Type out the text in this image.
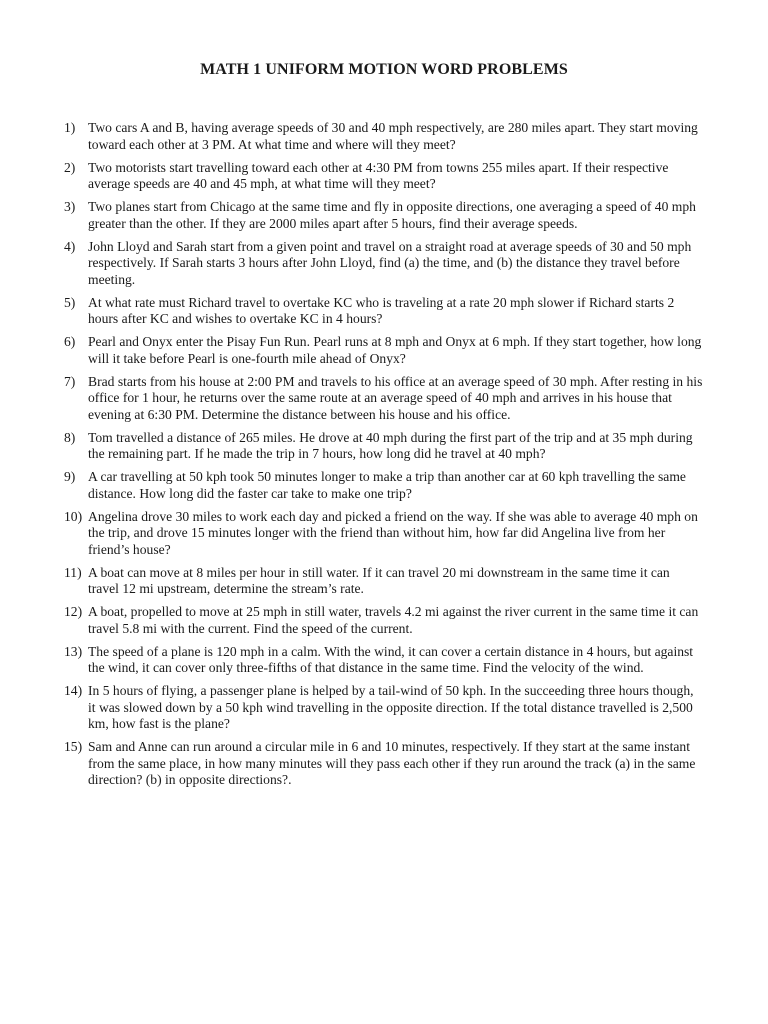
MATH 1 UNIFORM MOTION WORD PROBLEMS
1) Two cars A and B, having average speeds of 30 and 40 mph respectively, are 280 miles apart. They start moving toward each other at 3 PM. At what time and where will they meet?
2) Two motorists start travelling toward each other at 4:30 PM from towns 255 miles apart. If their respective average speeds are 40 and 45 mph, at what time will they meet?
3) Two planes start from Chicago at the same time and fly in opposite directions, one averaging a speed of 40 mph greater than the other. If they are 2000 miles apart after 5 hours, find their average speeds.
4) John Lloyd and Sarah start from a given point and travel on a straight road at average speeds of 30 and 50 mph respectively. If Sarah starts 3 hours after John Lloyd, find (a) the time, and (b) the distance they travel before meeting.
5) At what rate must Richard travel to overtake KC who is traveling at a rate 20 mph slower if Richard starts 2 hours after KC and wishes to overtake KC in 4 hours?
6) Pearl and Onyx enter the Pisay Fun Run. Pearl runs at 8 mph and Onyx at 6 mph. If they start together, how long will it take before Pearl is one-fourth mile ahead of Onyx?
7) Brad starts from his house at 2:00 PM and travels to his office at an average speed of 30 mph. After resting in his office for 1 hour, he returns over the same route at an average speed of 40 mph and arrives in his house that evening at 6:30 PM. Determine the distance between his house and his office.
8) Tom travelled a distance of 265 miles. He drove at 40 mph during the first part of the trip and at 35 mph during the remaining part. If he made the trip in 7 hours, how long did he travel at 40 mph?
9) A car travelling at 50 kph took 50 minutes longer to make a trip than another car at 60 kph travelling the same distance. How long did the faster car take to make one trip?
10) Angelina drove 30 miles to work each day and picked a friend on the way. If she was able to average 40 mph on the trip, and drove 15 minutes longer with the friend than without him, how far did Angelina live from her friend’s house?
11) A boat can move at 8 miles per hour in still water. If it can travel 20 mi downstream in the same time it can travel 12 mi upstream, determine the stream’s rate.
12) A boat, propelled to move at 25 mph in still water, travels 4.2 mi against the river current in the same time it can travel 5.8 mi with the current. Find the speed of the current.
13) The speed of a plane is 120 mph in a calm. With the wind, it can cover a certain distance in 4 hours, but against the wind, it can cover only three-fifths of that distance in the same time. Find the velocity of the wind.
14) In 5 hours of flying, a passenger plane is helped by a tail-wind of 50 kph. In the succeeding three hours though, it was slowed down by a 50 kph wind travelling in the opposite direction. If the total distance travelled is 2,500 km, how fast is the plane?
15) Sam and Anne can run around a circular mile in 6 and 10 minutes, respectively. If they start at the same instant from the same place, in how many minutes will they pass each other if they run around the track (a) in the same direction? (b) in opposite directions?.
